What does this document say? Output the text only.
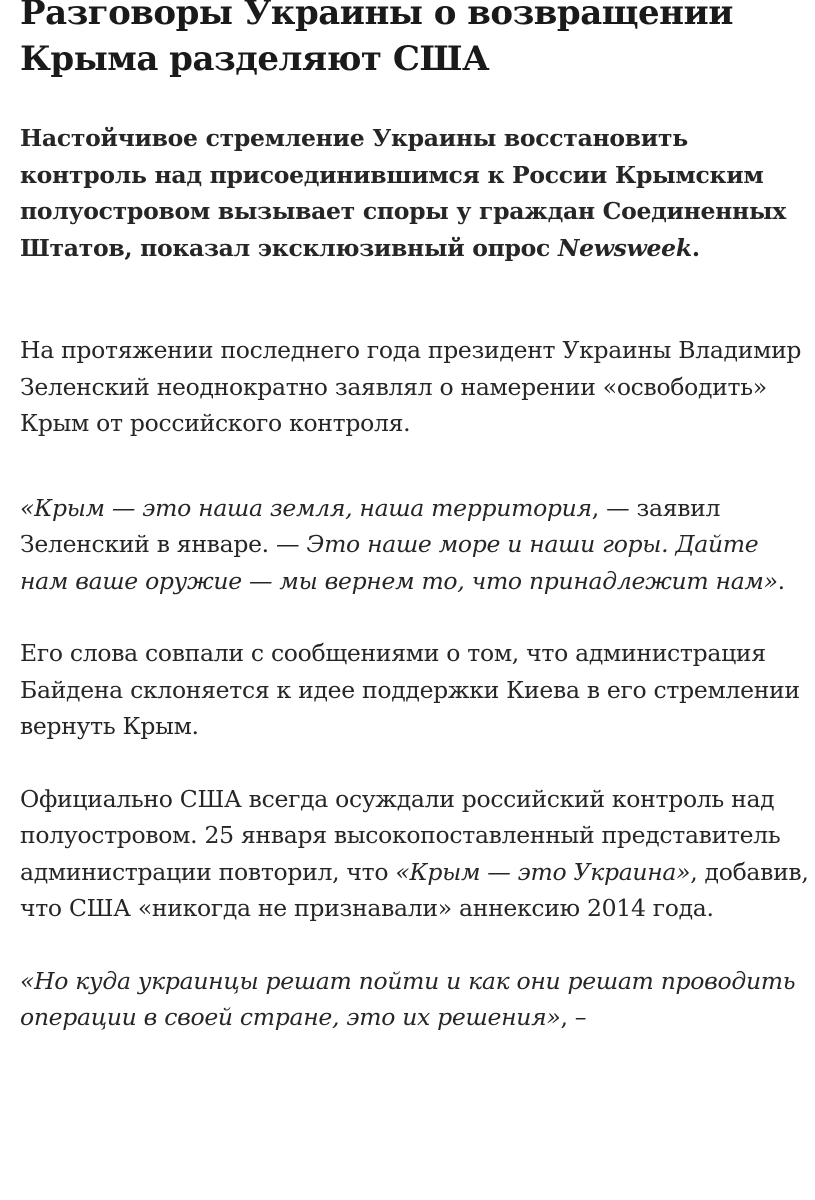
Разговоры Украины о возвращении Крыма разделяют США

Настойчивое стремление Украины восстановить контроль над присоединившимся к России Крымским полуостровом вызывает споры у граждан Соединенных Штатов, показал эксклюзивный опрос Newsweek.

На протяжении последнего года президент Украины Владимир Зеленский неоднократно заявлял о намерении «освободить» Крым от российского контроля.

«Крым — это наша земля, наша территория, — заявил Зеленский в январе. — Это наше море и наши горы. Дайте нам ваше оружие — мы вернем то, что принадлежит нам».

Его слова совпали с сообщениями о том, что администрация Байдена склоняется к идее поддержки Киева в его стремлении вернуть Крым.

Официально США всегда осуждали российский контроль над полуостровом. 25 января высокопоставленный представитель администрации повторил, что «Крым — это Украина», добавив, что США «никогда не признавали» аннексию 2014 года.

«Но куда украинцы решат пойти и как они решат проводить операции в своей стране, это их решения», –
